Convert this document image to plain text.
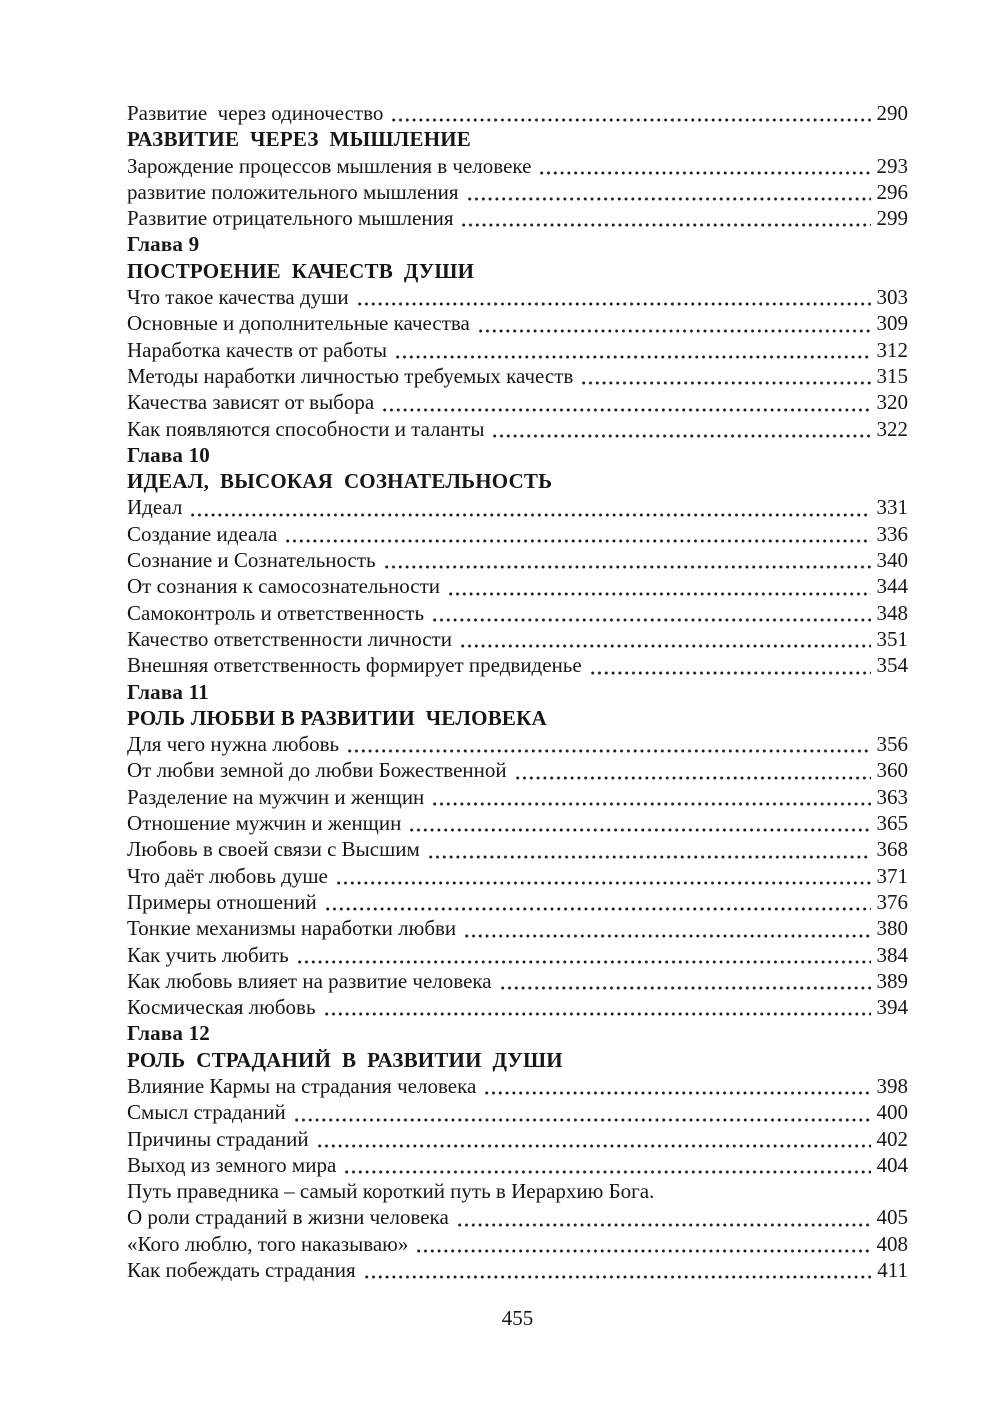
Развитие  через одиночество	290
РАЗВИТИЕ  ЧЕРЕЗ  МЫШЛЕНИЕ
Зарождение процессов мышления в человеке	293
развитие положительного мышления	296
Развитие отрицательного мышления	299
Глава 9
ПОСТРОЕНИЕ  КАЧЕСТВ  ДУШИ
Что такое качества души	303
Основные и дополнительные качества	309
Наработка качеств от работы	312
Методы наработки личностью требуемых качеств	315
Качества зависят от выбора	320
Как появляются способности и таланты	322
Глава 10
ИДЕАЛ,  ВЫСОКАЯ  СОЗНАТЕЛЬНОСТЬ
Идеал	331
Создание идеала	336
Сознание и Сознательность	340
От сознания к самосознательности	344
Самоконтроль и ответственность	348
Качество ответственности личности	351
Внешняя ответственность формирует предвиденье	354
Глава 11
РОЛЬ ЛЮБВИ В РАЗВИТИИ  ЧЕЛОВЕКА
Для чего нужна любовь	356
От любви земной до любви Божественной	360
Разделение на мужчин и женщин	363
Отношение мужчин и женщин	365
Любовь в своей связи с Высшим	368
Что даёт любовь душе	371
Примеры отношений	376
Тонкие механизмы наработки любви	380
Как учить любить	384
Как любовь влияет на развитие человека	389
Космическая любовь	394
Глава 12
РОЛЬ  СТРАДАНИЙ  В  РАЗВИТИИ  ДУШИ
Влияние Кармы на страдания человека	398
Смысл страданий	400
Причины страданий	402
Выход из земного мира	404
Путь праведника – самый короткий путь в Иерархию Бога.
О роли страданий в жизни человека	405
«Кого люблю, того наказываю»	408
Как побеждать страдания	411
455
